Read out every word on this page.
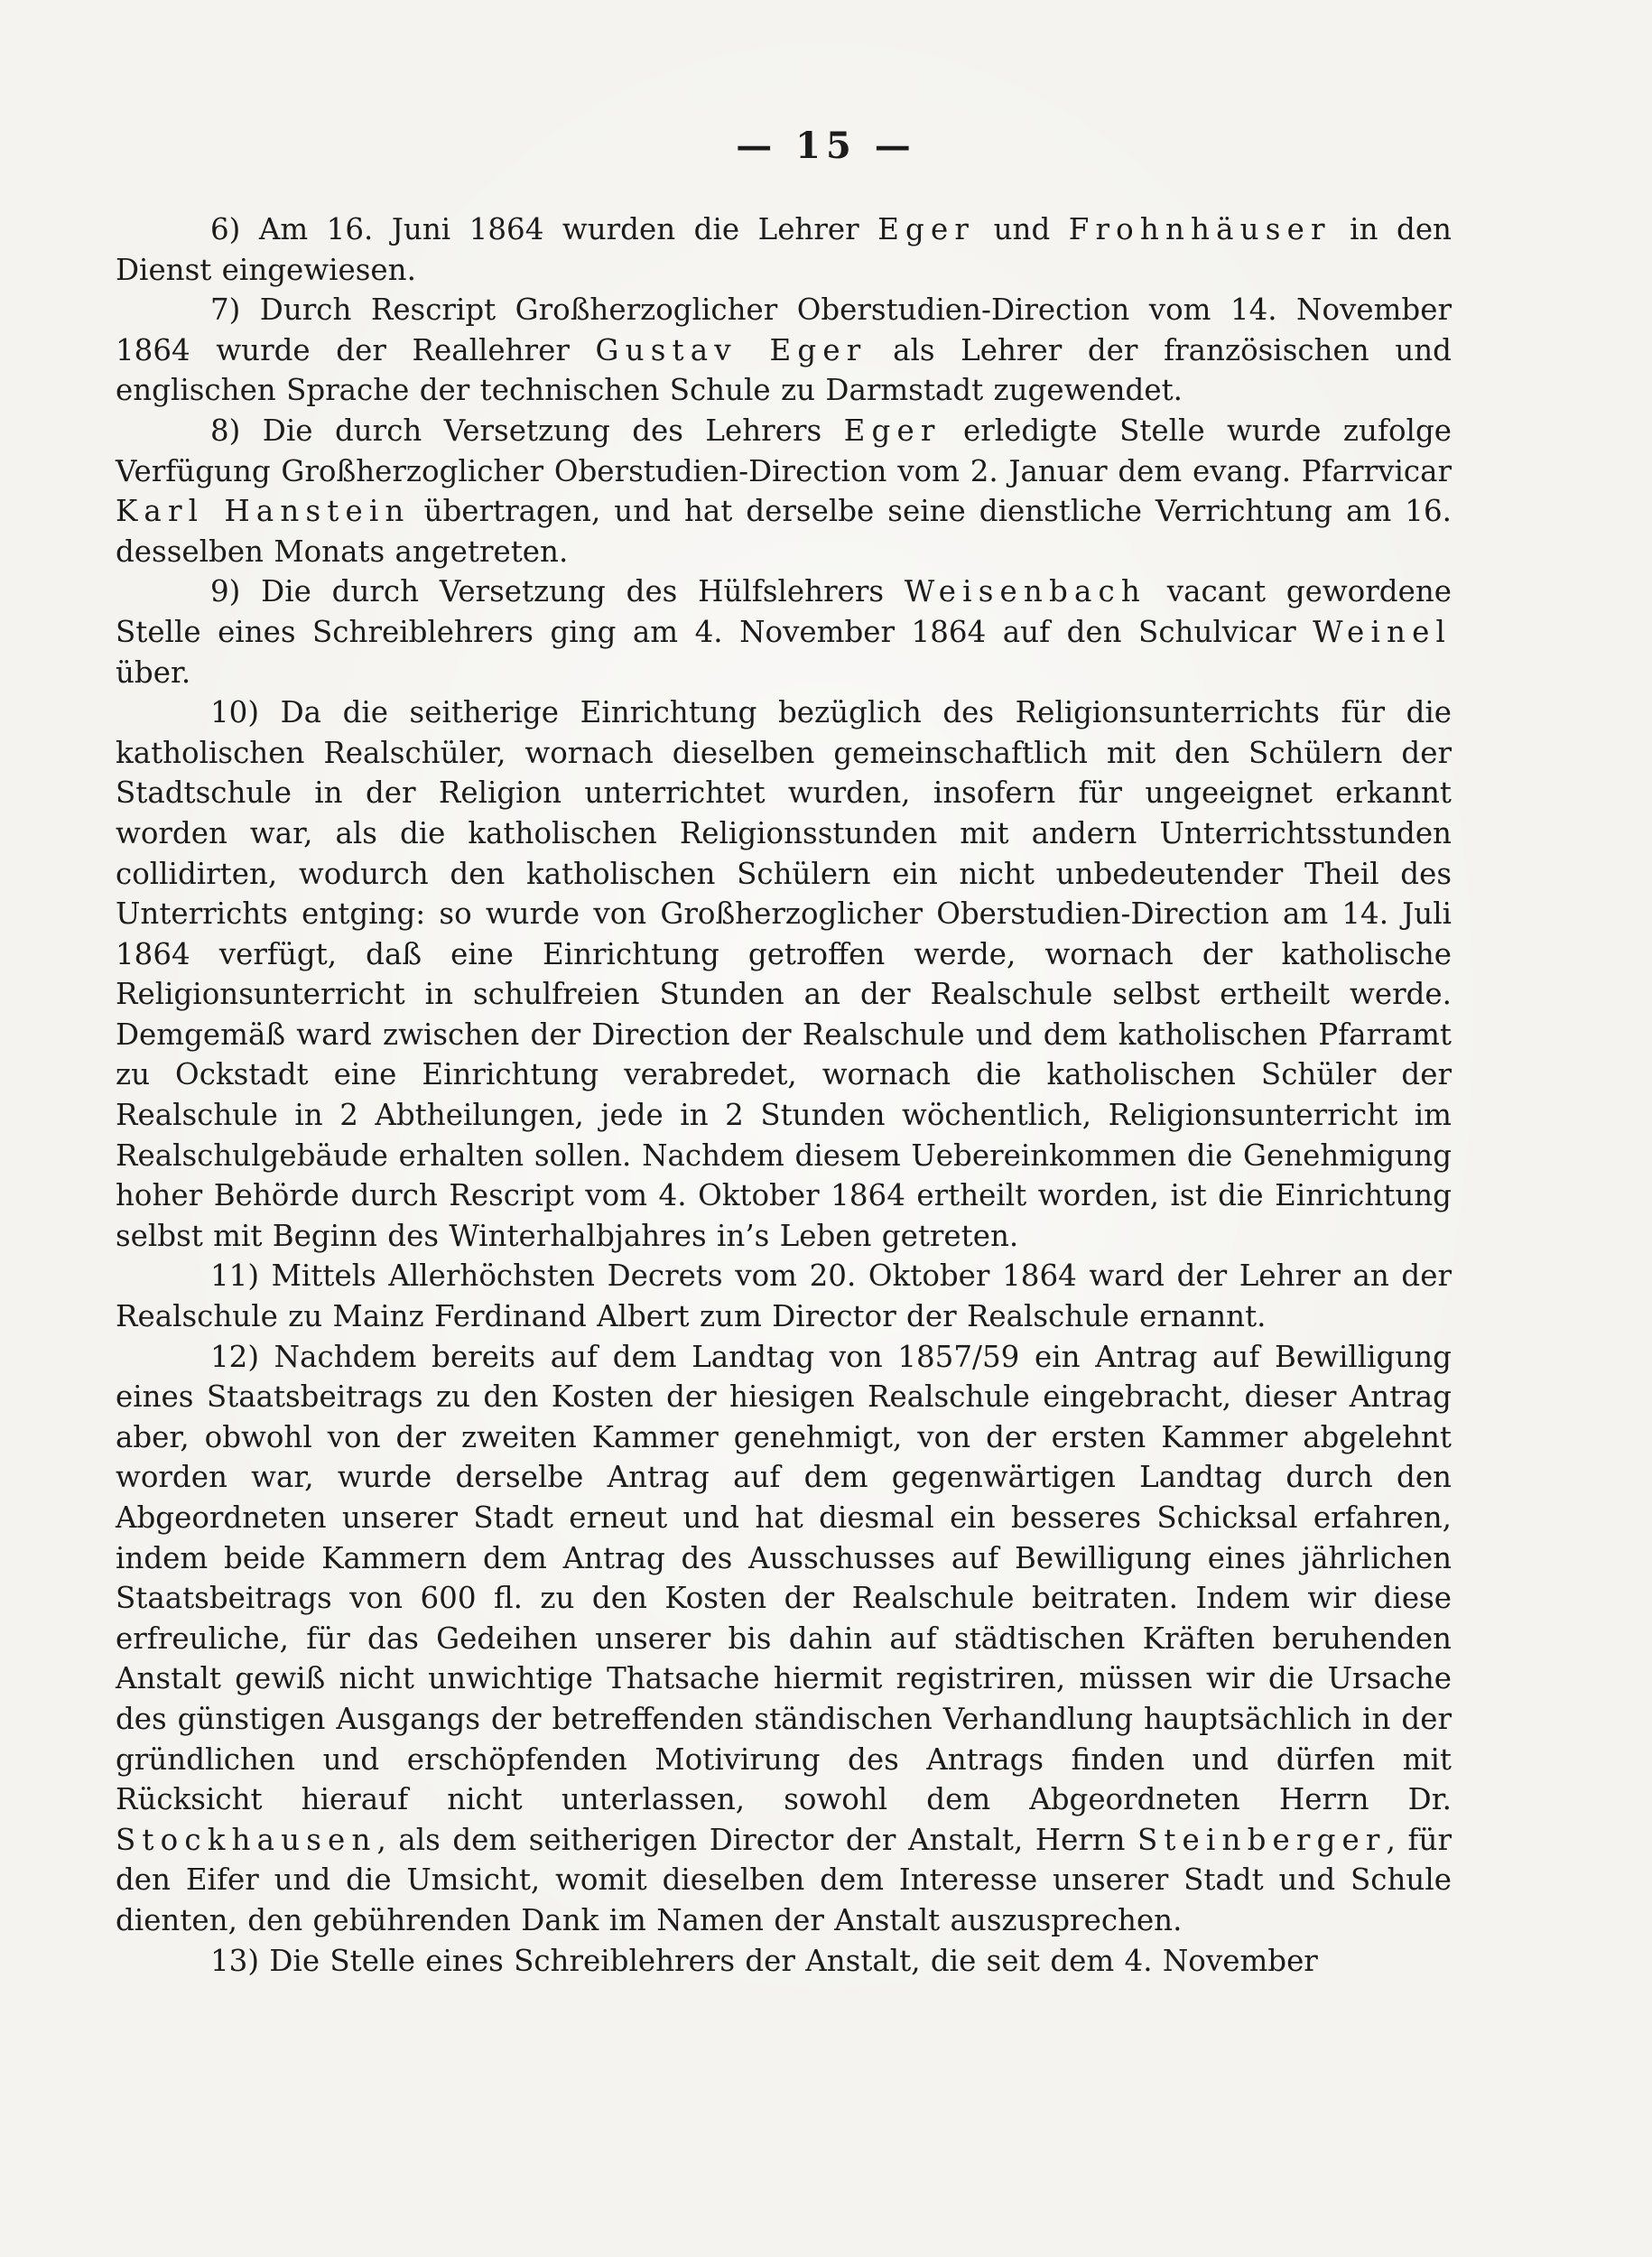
— 15 —

6) Am 16. Juni 1864 wurden die Lehrer Eger und Frohnhäuser in den Dienst eingewiesen.

7) Durch Rescript Großherzoglicher Oberstudien-Direction vom 14. November 1864 wurde der Reallehrer Gustav Eger als Lehrer der französischen und englischen Sprache der technischen Schule zu Darmstadt zugewendet.

8) Die durch Versetzung des Lehrers Eger erledigte Stelle wurde zufolge Verfügung Großherzoglicher Oberstudien-Direction vom 2. Januar dem evang. Pfarrvicar Karl Hanstein übertragen, und hat derselbe seine dienstliche Verrichtung am 16. desselben Monats angetreten.

9) Die durch Versetzung des Hülfslehrers Weisenbach vacant gewordene Stelle eines Schreiblehrers ging am 4. November 1864 auf den Schulvicar Weinel über.

10) Da die seitherige Einrichtung bezüglich des Religionsunterrichts für die katholischen Realschüler, wornach dieselben gemeinschaftlich mit den Schülern der Stadtschule in der Religion unterrichtet wurden, insofern für ungeeignet erkannt worden war, als die katholischen Religionsstunden mit andern Unterrichtsstunden collidirten, wodurch den katholischen Schülern ein nicht unbedeutender Theil des Unterrichts entging: so wurde von Großherzoglicher Oberstudien-Direction am 14. Juli 1864 verfügt, daß eine Einrichtung getroffen werde, wornach der katholische Religionsunterricht in schulfreien Stunden an der Realschule selbst ertheilt werde. Demgemäß ward zwischen der Direction der Realschule und dem katholischen Pfarramt zu Ockstadt eine Einrichtung verabredet, wornach die katholischen Schüler der Realschule in 2 Abtheilungen, jede in 2 Stunden wöchentlich, Religionsunterricht im Realschulgebäude erhalten sollen. Nachdem diesem Uebereinkommen die Genehmigung hoher Behörde durch Rescript vom 4. Oktober 1864 ertheilt worden, ist die Einrichtung selbst mit Beginn des Winterhalbjahres in’s Leben getreten.

11) Mittels Allerhöchsten Decrets vom 20. Oktober 1864 ward der Lehrer an der Realschule zu Mainz Ferdinand Albert zum Director der Realschule ernannt.

12) Nachdem bereits auf dem Landtag von 1857/59 ein Antrag auf Bewilligung eines Staatsbeitrags zu den Kosten der hiesigen Realschule eingebracht, dieser Antrag aber, obwohl von der zweiten Kammer genehmigt, von der ersten Kammer abgelehnt worden war, wurde derselbe Antrag auf dem gegenwärtigen Landtag durch den Abgeordneten unserer Stadt erneut und hat diesmal ein besseres Schicksal erfahren, indem beide Kammern dem Antrag des Ausschusses auf Bewilligung eines jährlichen Staatsbeitrags von 600 fl. zu den Kosten der Realschule beitraten. Indem wir diese erfreuliche, für das Gedeihen unserer bis dahin auf städtischen Kräften beruhenden Anstalt gewiß nicht unwichtige Thatsache hiermit registriren, müssen wir die Ursache des günstigen Ausgangs der betreffenden ständischen Verhandlung hauptsächlich in der gründlichen und erschöpfenden Motivirung des Antrags finden und dürfen mit Rücksicht hierauf nicht unterlassen, sowohl dem Abgeordneten Herrn Dr. Stockhausen, als dem seitherigen Director der Anstalt, Herrn Steinberger, für den Eifer und die Umsicht, womit dieselben dem Interesse unserer Stadt und Schule dienten, den gebührenden Dank im Namen der Anstalt auszusprechen.

13) Die Stelle eines Schreiblehrers der Anstalt, die seit dem 4. November
